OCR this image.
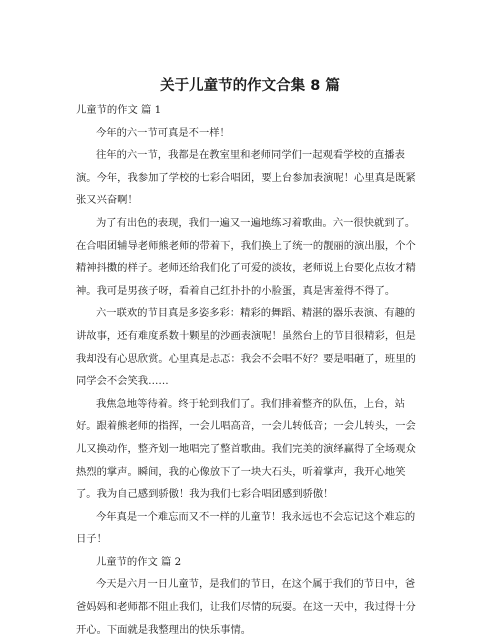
关于儿童节的作文合集 8 篇

儿童节的作文 篇 1

今年的六一节可真是不一样！

往年的六一节，我都是在教室里和老师同学们一起观看学校的直播表演。今年，我参加了学校的七彩合唱团，要上台参加表演呢！心里真是既紧张又兴奋啊！

为了有出色的表现，我们一遍又一遍地练习着歌曲。六一很快就到了。在合唱团辅导老师熊老师的带着下，我们换上了统一的靓丽的演出服，个个精神抖擞的样子。老师还给我们化了可爱的淡妆，老师说上台要化点妆才精神。我可是男孩子呀，看着自己红扑扑的小脸蛋，真是害羞得不得了。

六一联欢的节目真是多姿多彩：精彩的舞蹈、精湛的器乐表演、有趣的讲故事，还有难度系数十颗星的沙画表演呢！虽然台上的节目很精彩，但是我却没有心思欣赏。心里真是忐忑：我会不会唱不好？要是唱砸了，班里的同学会不会笑我……

我焦急地等待着。终于轮到我们了。我们排着整齐的队伍，上台，站好。跟着熊老师的指挥，一会儿唱高音，一会儿转低音；一会儿转头，一会儿又换动作，整齐划一地唱完了整首歌曲。我们完美的演绎赢得了全场观众热烈的掌声。瞬间，我的心像放下了一块大石头，听着掌声，我开心地笑了。我为自己感到骄傲！我为我们七彩合唱团感到骄傲！

今年真是一个难忘而又不一样的儿童节！我永远也不会忘记这个难忘的日子！

儿童节的作文 篇 2

今天是六月一日儿童节，是我们的节日，在这个属于我们的节日中，爸爸妈妈和老师都不阻止我们，让我们尽情的玩耍。在这一天中，我过得十分开心。下面就是我整理出的快乐事情。
